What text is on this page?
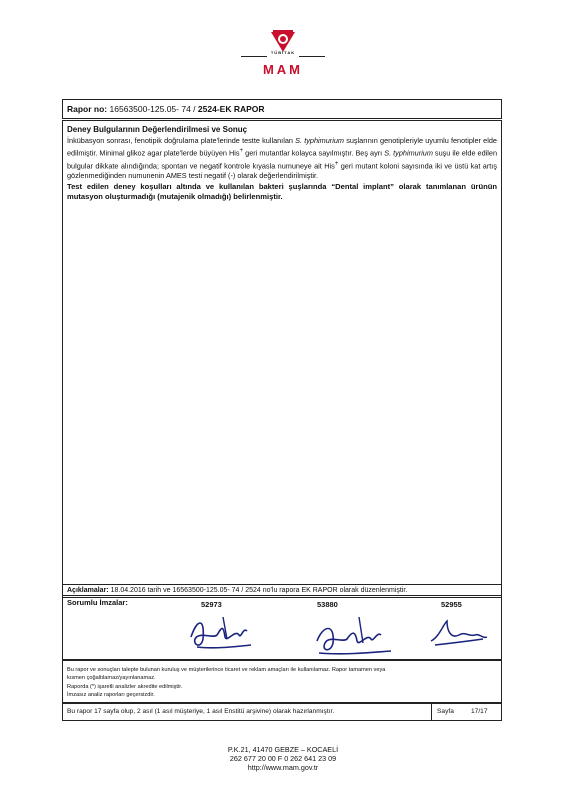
TÜBİTAK
MAM
Rapor no: 16563500-125.05- 74 / 2524-EK RAPOR
Deney Bulgularının Değerlendirilmesi ve Sonuç

İnkübasyon sonrası, fenotipik doğrulama plate'lerinde testte kullanılan S. typhimurium suşlarının genotipleriyle uyumlu fenotipler elde edilmiştir. Minimal glikoz agar plate'lerde büyüyen His+ geri mutantlar kolayca sayılmıştır. Beş ayrı S. typhimurium suşu ile elde edilen bulgular dikkate alındığında; spontan ve negatif kontrole kıyasla numuneye ait His+ geri mutant koloni sayısında iki ve üstü kat artış gözlenmediğinden numunenin AMES testi negatif (-) olarak değerlendirilmiştir.

Test edilen deney koşulları altında ve kullanılan bakteri şuşlarında “Dental implant” olarak tanımlanan ürünün mutasyon oluşturmadığı (mutajenik olmadığı) belirlenmiştir.

Açıklamalar: 18.04.2016 tarih ve 16563500-125.05- 74 / 2524 no'lu rapora EK RAPOR olarak düzenlenmiştir.
Sorumlu İmzalar:	52973	53880	52955

Bu rapor ve sonuçları talepte bulunan kuruluş ve müşterilerince ticaret ve reklam amaçları ile kullanılamaz. Rapor tamamen veya

kısmen çoğaltılamaz/yayınlanamaz.

Raporda (*) işaretli analizler akredite edilmiştir.

İmzasız analiz raporları geçersizdir.

Bu rapor 17 sayfa olup, 2 asıl (1 asıl müşteriye, 1 asıl Enstitü arşivine) olarak hazırlanmıştır.	Sayfa	17/17
P.K.21, 41470 GEBZE – KOCAELİ
262 677 20 00 F 0 262 641 23 09
http://www.mam.gov.tr
